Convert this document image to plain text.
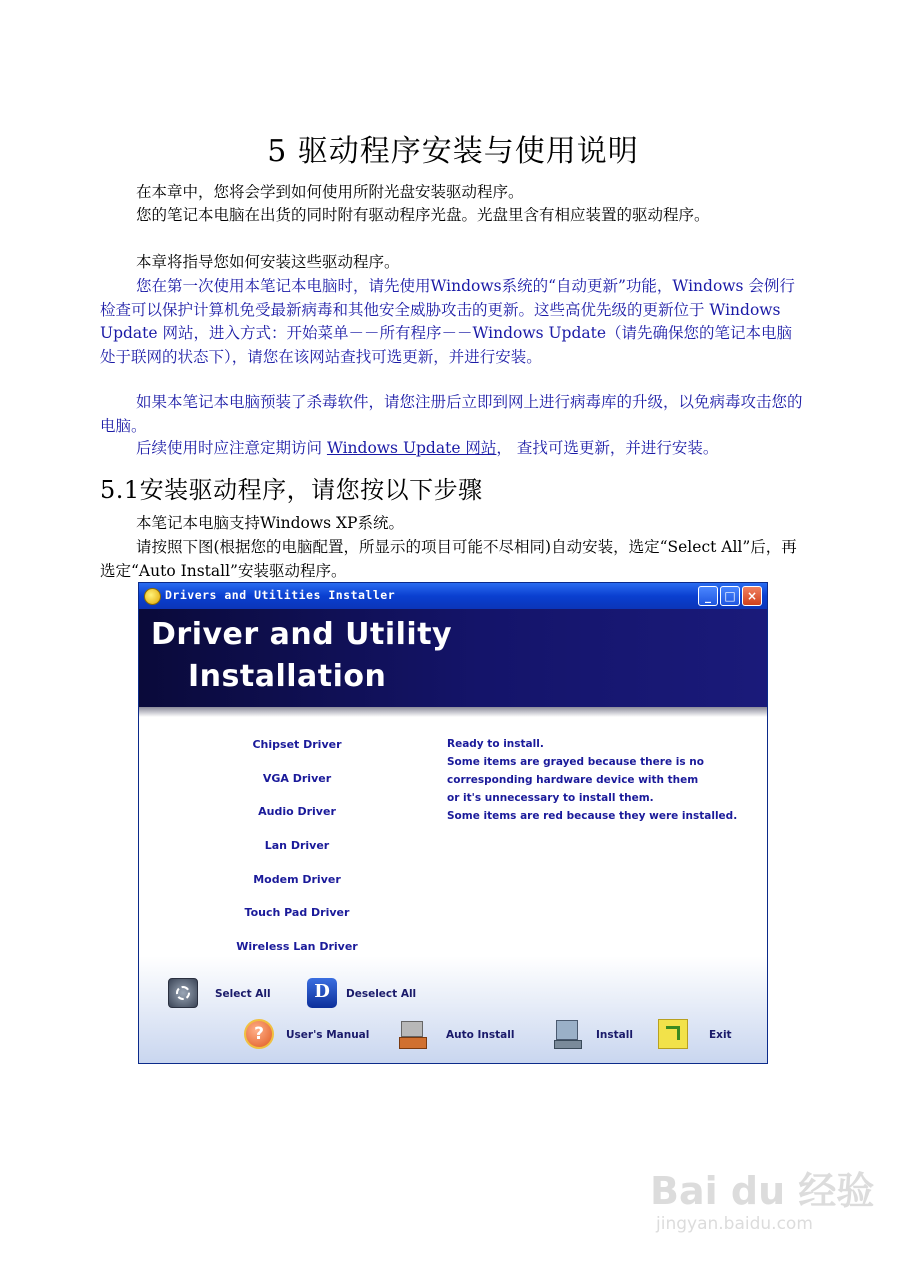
5 驱动程序安装与使用说明

在本章中，您将会学到如何使用所附光盘安装驱动程序。

您的笔记本电脑在出货的同时附有驱动程序光盘。光盘里含有相应装置的驱动程序。

本章将指导您如何安装这些驱动程序。

您在第一次使用本笔记本电脑时，请先使用Windows系统的“自动更新”功能，Windows 会例行检查可以保护计算机免受最新病毒和其他安全威胁攻击的更新。这些高优先级的更新位于 Windows Update 网站，进入方式：开始菜单－－所有程序－－Windows Update（请先确保您的笔记本电脑处于联网的状态下），请您在该网站查找可选更新，并进行安装。

如果本笔记本电脑预装了杀毒软件，请您注册后立即到网上进行病毒库的升级，以免病毒攻击您的电脑。

后续使用时应注意定期访问 Windows Update 网站， 查找可选更新，并进行安装。

5.1安装驱动程序，请您按以下步骤

本笔记本电脑支持Windows XP系统。

请按照下图(根据您的电脑配置，所显示的项目可能不尽相同)自动安装，选定“Select All”后，再选定“Auto Install”安装驱动程序。

Drivers and Utilities Installer	_	□ ×
Driver and Utility
Installation
Chipset Driver
VGA Driver
Audio Driver
Lan Driver
Modem Driver
Touch Pad Driver
Wireless Lan Driver
Ready to install.
Some items are grayed because there is no
corresponding hardware device with them
or it's unnecessary to install them.
Some items are red because they were installed.
Select All	D	Deselect All
?	User's Manual	Auto Install	Install	Exit
Bai du 经验
jingyan.baidu.com
